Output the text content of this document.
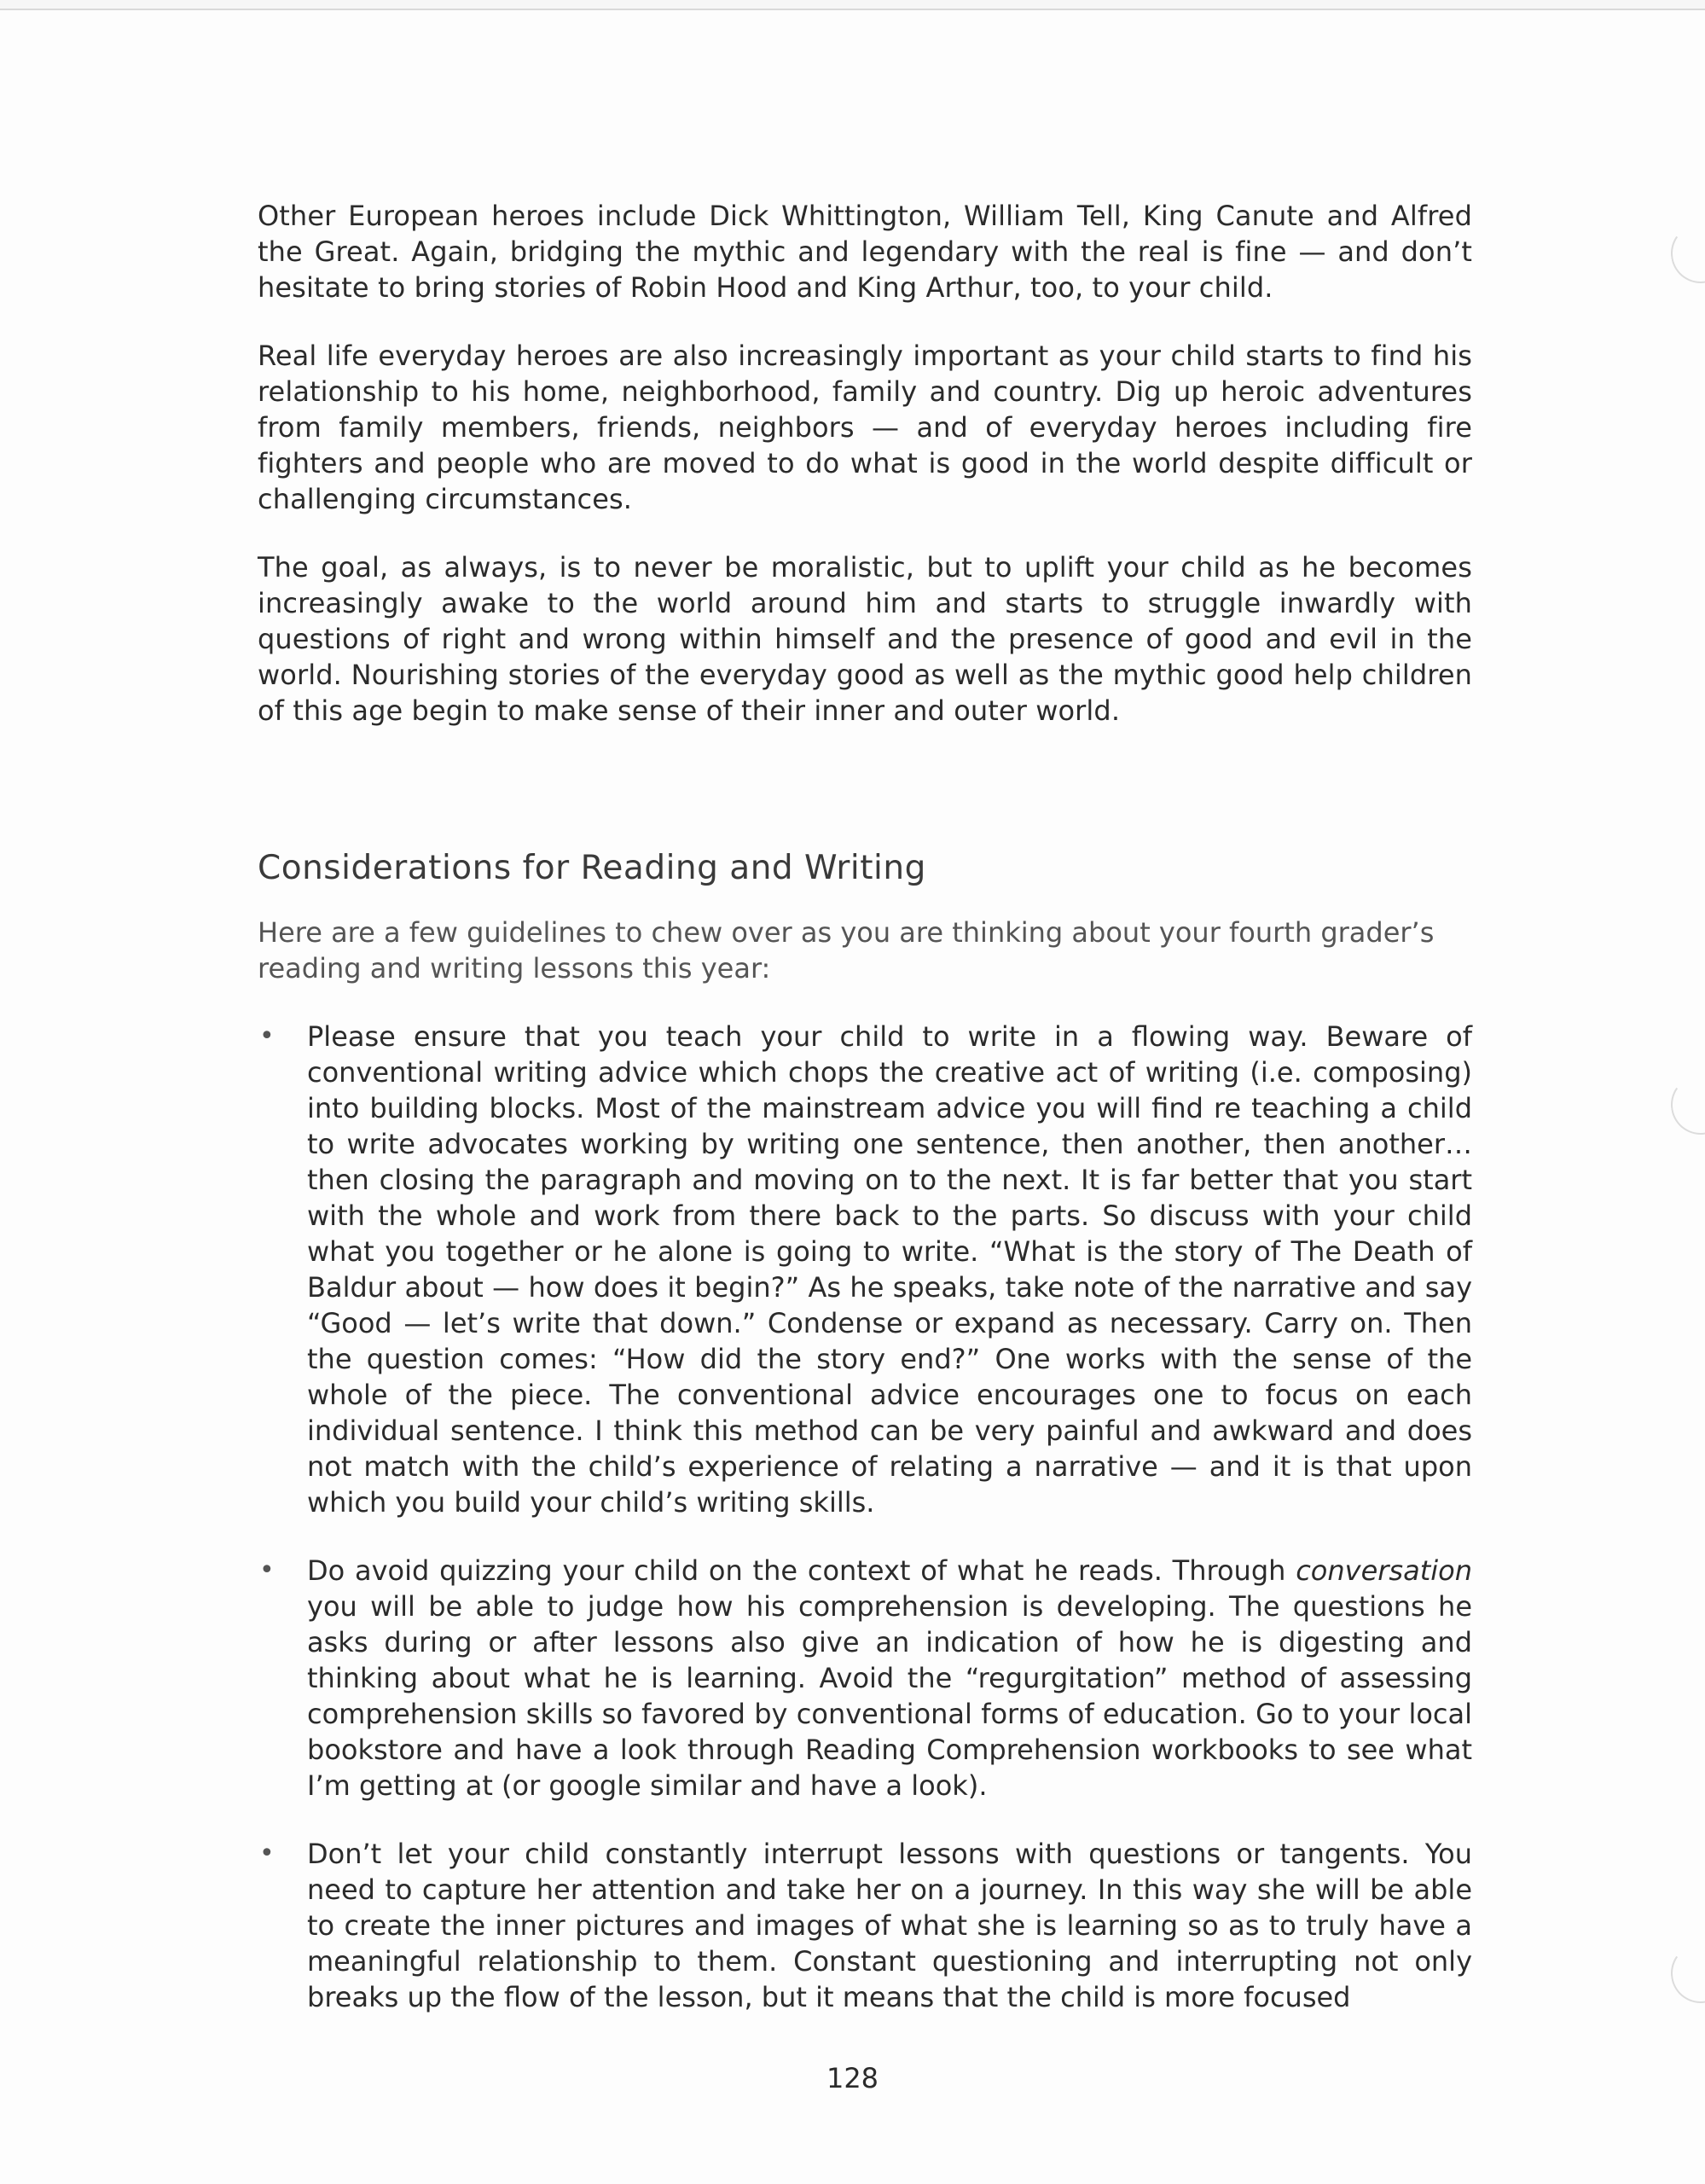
Other European heroes include Dick Whittington, William Tell, King Canute and Alfred the Great. Again, bridging the mythic and legendary with the real is fine — and don’t hesitate to bring stories of Robin Hood and King Arthur, too, to your child.

Real life everyday heroes are also increasingly important as your child starts to find his relationship to his home, neighborhood, family and country. Dig up heroic adventures from family members, friends, neighbors — and of everyday heroes including fire fighters and people who are moved to do what is good in the world despite difficult or challenging circumstances.

The goal, as always, is to never be moralistic, but to uplift your child as he becomes increasingly awake to the world around him and starts to struggle inwardly with questions of right and wrong within himself and the presence of good and evil in the world. Nourishing stories of the everyday good as well as the mythic good help children of this age begin to make sense of their inner and outer world.

Considerations for Reading and Writing

Here are a few guidelines to chew over as you are thinking about your fourth grader’s reading and writing lessons this year:

• Please ensure that you teach your child to write in a flowing way. Beware of conventional writing advice which chops the creative act of writing (i.e. composing) into building blocks. Most of the mainstream advice you will find re teaching a child to write advocates working by writing one sentence, then another, then another… then closing the paragraph and moving on to the next. It is far better that you start with the whole and work from there back to the parts. So discuss with your child what you together or he alone is going to write. “What is the story of The Death of Baldur about — how does it begin?” As he speaks, take note of the narrative and say “Good — let’s write that down.” Condense or expand as necessary. Carry on. Then the question comes: “How did the story end?” One works with the sense of the whole of the piece. The conventional advice encourages one to focus on each individual sentence. I think this method can be very painful and awkward and does not match with the child’s experience of relating a narrative — and it is that upon which you build your child’s writing skills.
• Do avoid quizzing your child on the context of what he reads. Through conversation you will be able to judge how his comprehension is developing. The questions he asks during or after lessons also give an indication of how he is digesting and thinking about what he is learning. Avoid the “regurgitation” method of assessing comprehension skills so favored by conventional forms of education. Go to your local bookstore and have a look through Reading Comprehension workbooks to see what I’m getting at (or google similar and have a look).
• Don’t let your child constantly interrupt lessons with questions or tangents. You need to capture her attention and take her on a journey. In this way she will be able to create the inner pictures and images of what she is learning so as to truly have a meaningful relationship to them. Constant questioning and interrupting not only breaks up the flow of the lesson, but it means that the child is more focused
128
